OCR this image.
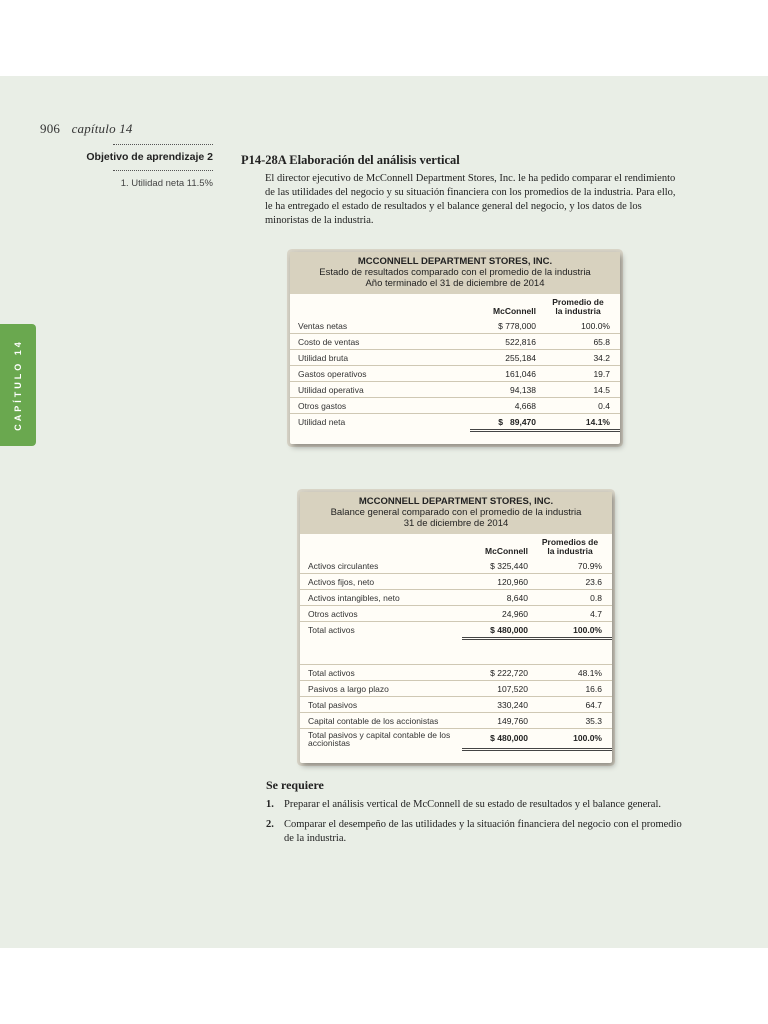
906 capítulo 14
CAPÍTULO 14
Objetivo de aprendizaje 2
1. Utilidad neta 11.5%
P14-28A Elaboración del análisis vertical
El director ejecutivo de McConnell Department Stores, Inc. le ha pedido comparar el rendimiento de las utilidades del negocio y su situación financiera con los promedios de la industria. Para ello, le ha entregado el estado de resultados y el balance general del negocio, y los datos de los minoristas de la industria.
MCCONNELL DEPARTMENT STORES, INC.
Estado de resultados comparado con el promedio de la industria
Año terminado el 31 de diciembre de 2014
	McConnell	Promedio de
la industria
Ventas netas	$ 778,000	100.0%
Costo de ventas	522,816	65.8
Utilidad bruta	255,184	34.2
Gastos operativos	161,046	19.7
Utilidad operativa	94,138	14.5
Otros gastos	4,668	0.4
Utilidad neta	$   89,470	14.1%

MCCONNELL DEPARTMENT STORES, INC.
Balance general comparado con el promedio de la industria
31 de diciembre de 2014
	McConnell	Promedios de
la industria
Activos circulantes	$ 325,440	70.9%
Activos fijos, neto	120,960	23.6
Activos intangibles, neto	8,640	0.8
Otros activos	24,960	4.7
Total activos	$ 480,000	100.0%

Total activos	$ 222,720	48.1%
Pasivos a largo plazo	107,520	16.6
Total pasivos	330,240	64.7
Capital contable de los accionistas	149,760	35.3
Total pasivos y capital contable de los accionistas	$ 480,000	100.0%

Se requiere
1. Preparar el análisis vertical de McConnell de su estado de resultados y el balance general.
2. Comparar el desempeño de las utilidades y la situación financiera del negocio con el promedio de la industria.
